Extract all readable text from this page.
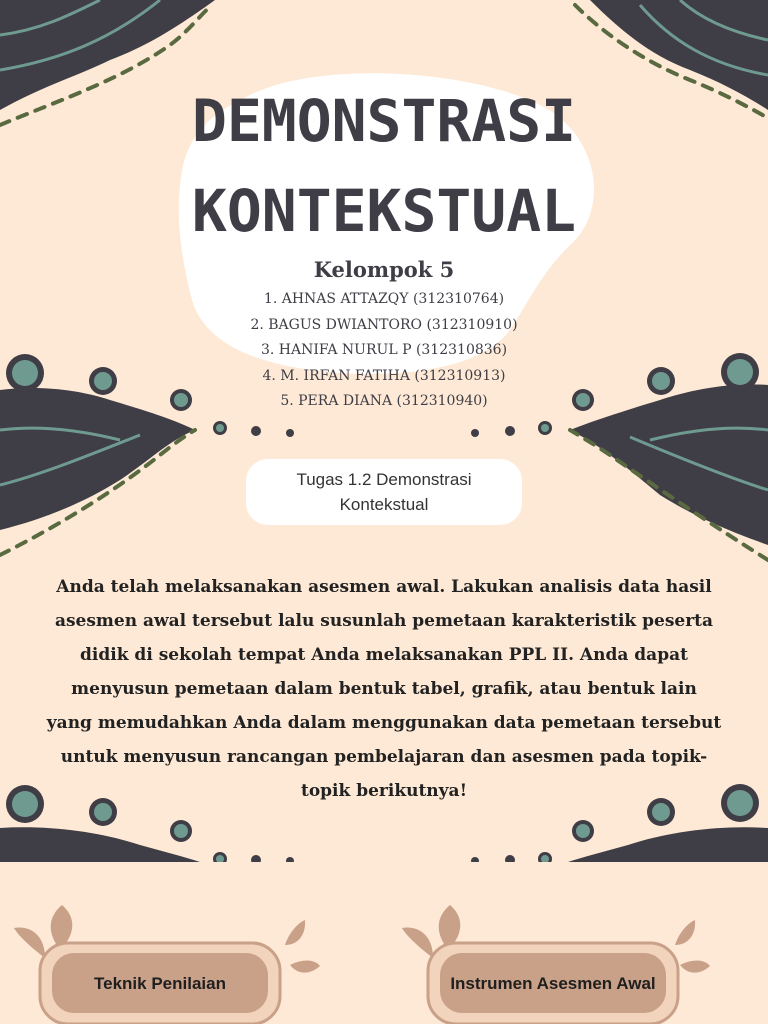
DEMONSTRASI
KONTEKSTUAL
Kelompok 5
1. AHNAS ATTAZQY (312310764)
2. BAGUS DWIANTORO (312310910)
3. HANIFA NURUL P (312310836)
4. M. IRFAN FATIHA (312310913)
5. PERA DIANA (312310940)
Tugas 1.2 Demonstrasi Kontekstual

Anda telah melaksanakan asesmen awal. Lakukan analisis data hasil asesmen awal tersebut lalu susunlah pemetaan karakteristik peserta didik di sekolah tempat Anda melaksanakan PPL II. Anda dapat menyusun pemetaan dalam bentuk tabel, grafik, atau bentuk lain yang memudahkan Anda dalam menggunakan data pemetaan tersebut untuk menyusun rancangan pembelajaran dan asesmen pada topik-topik berikutnya!

Teknik Penilaian	Instrumen Asesmen Awal
